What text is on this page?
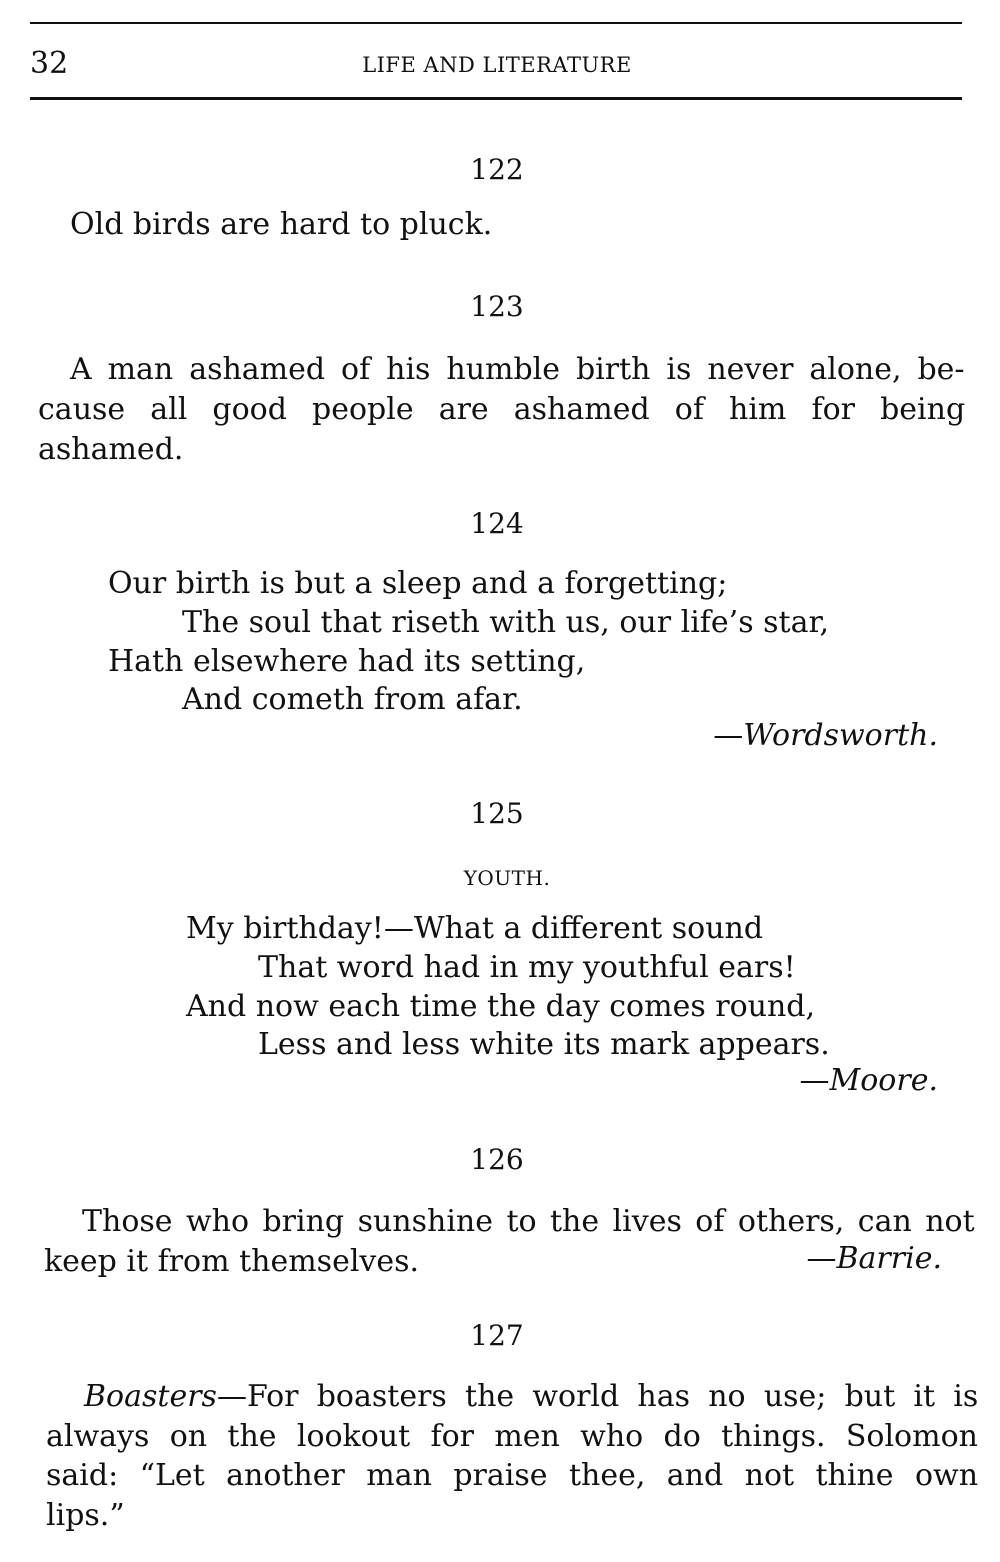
32	LIFE AND LITERATURE
122
Old birds are hard to pluck.
123
A man ashamed of his humble birth is never alone, be-
cause all good people are ashamed of him for being
ashamed.
124
Our birth is but a sleep and a forgetting;
The soul that riseth with us, our life’s star,
Hath elsewhere had its setting,
And cometh from afar.
—Wordsworth.
125
YOUTH.
My birthday!—What a different sound
That word had in my youthful ears!
And now each time the day comes round,
Less and less white its mark appears.
—Moore.
126
Those who bring sunshine to the lives of others, can not
keep it from themselves.	—Barrie.
127
Boasters—For boasters the world has no use; but it is
always on the lookout for men who do things. Solomon
said: “Let another man praise thee, and not thine own
lips.”
